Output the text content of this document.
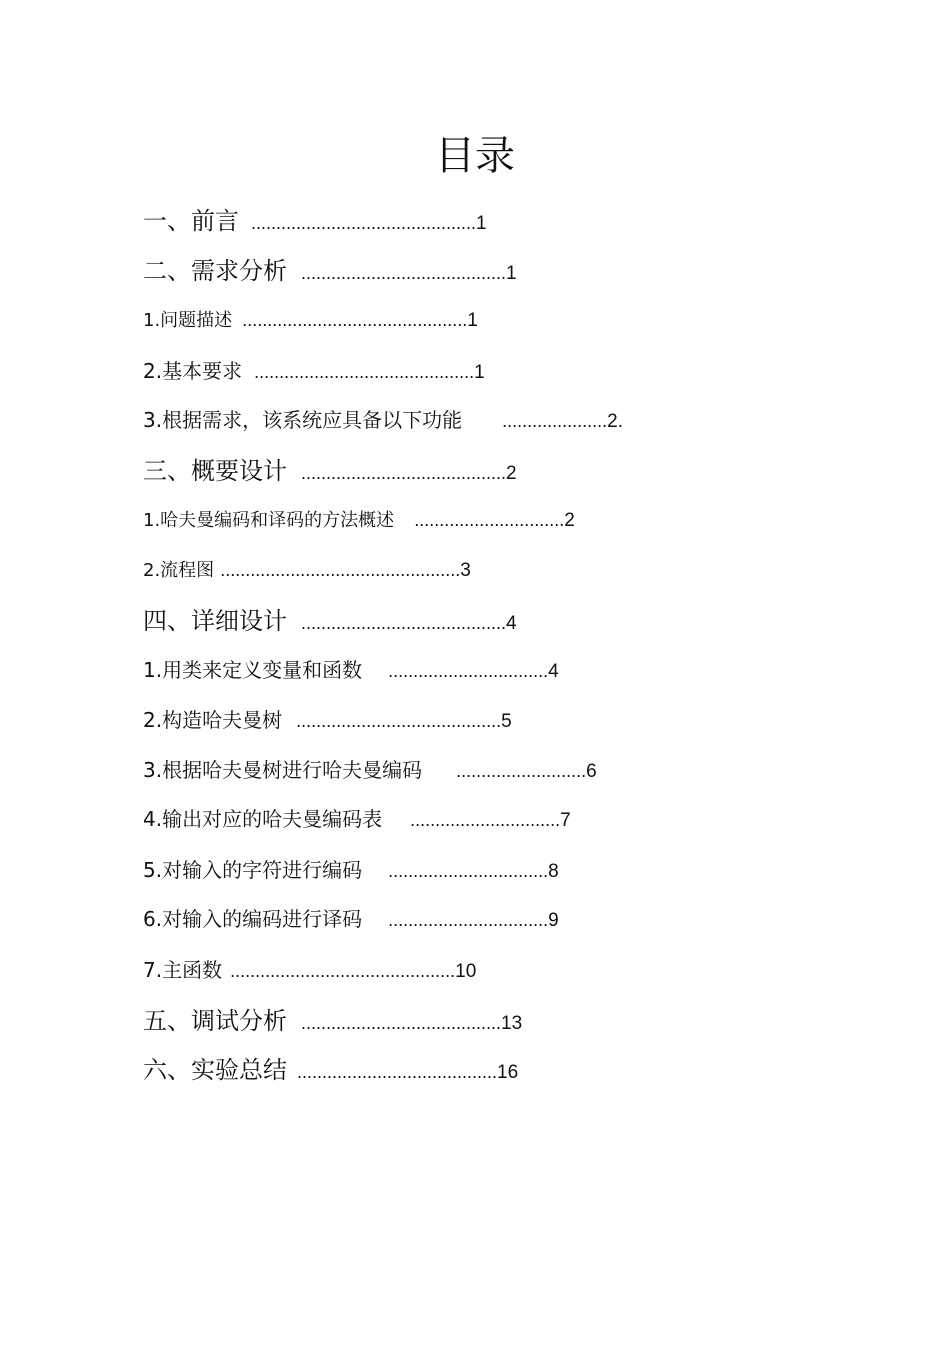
目录
一、前言 ............................................. 1
二、需求分析 ......................................... 1
1.问题描述 ............................................. 1
2.基本要求 ............................................ 1
3.根据需求，该系统应具备以下功能 ..................... 2.
三、概要设计 ......................................... 2
1.哈夫曼编码和译码的方法概述 .............................. 2
2.流程图 ................................................ 3
四、详细设计 ......................................... 4
1.用类来定义变量和函数 ................................ 4
2.构造哈夫曼树 ......................................... 5
3.根据哈夫曼树进行哈夫曼编码 .......................... 6
4.输出对应的哈夫曼编码表 .............................. 7
5.对输入的字符进行编码 ................................ 8
6.对输入的编码进行译码 ................................ 9
7.主函数 ............................................. 10
五、调试分析 ........................................ 13
六、实验总结 ........................................ 16
